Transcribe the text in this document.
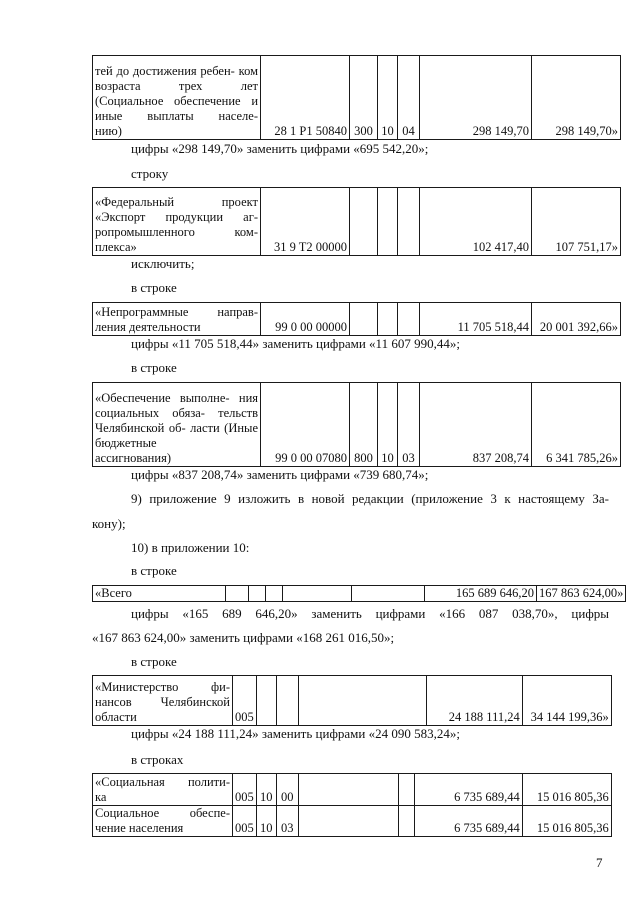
тей до достижения ребен- ком возраста трех лет (Социальное обеспечение и иные выплаты населе-
нию)	28 1 P1 50840	300	10	04	298 149,70	298 149,70»
цифры «298 149,70» заменить цифрами «695 542,20»;
строку
«Федеральный проект «Экспорт продукции аг- ропромышленного ком-
плекса»	31 9 T2 00000				102 417,40	107 751,17»
исключить;
в строке
«Непрограммные направ-
ления деятельности	99 0 00 00000				11 705 518,44	20 001 392,66»
цифры «11 705 518,44» заменить цифрами «11 607 990,44»;
в строке
«Обеспечение выполне- ния социальных обяза- тельств Челябинской об- ласти (Иные бюджетные
ассигнования)	99 0 00 07080	800	10	03	837 208,74	6 341 785,26»
цифры «837 208,74» заменить цифрами «739 680,74»;
9) приложение 9 изложить в новой редакции (приложение 3 к настоящему За-
кону);
10) в приложении 10:
в строке
«Всего						165 689 646,20	167 863 624,00»
цифры «165 689 646,20» заменить цифрами «166 087 038,70», цифры
«167 863 624,00» заменить цифрами «168 261 016,50»;
в строке
«Министерство фи- нансов Челябинской
области	005				24 188 111,24	34 144 199,36»
цифры «24 188 111,24» заменить цифрами «24 090 583,24»;
в строках
«Социальная полити-
ка	005	10	00			6 735 689,44	15 016 805,36
Социальное обеспе-
чение населения	005	10	03			6 735 689,44	15 016 805,36
7
